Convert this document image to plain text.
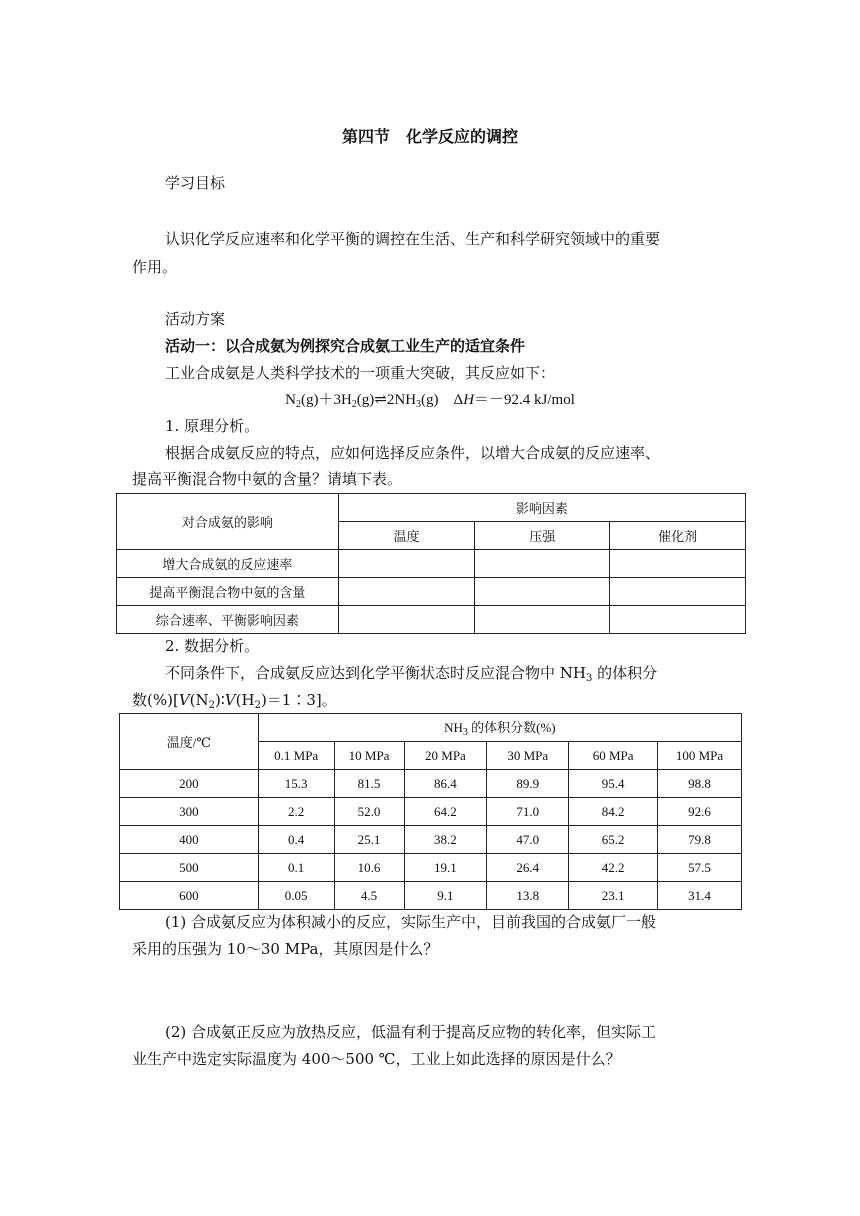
第四节　化学反应的调控
学习目标
认识化学反应速率和化学平衡的调控在生活、生产和科学研究领域中的重要
作用。
活动方案
活动一：以合成氨为例探究合成氨工业生产的适宜条件
工业合成氨是人类科学技术的一项重大突破，其反应如下：
$N_2(g)+3H_2(g)\rightleftharpoons 2NH_3(g)$　ΔH＝－92.4 kJ/mol
1. 原理分析。
根据合成氨反应的特点，应如何选择反应条件，以增大合成氨的反应速率、
提高平衡混合物中氨的含量？请填下表。
对合成氨的影响	影响因素		
	温度	压强	催化剂
增大合成氨的反应速率			
提高平衡混合物中氨的含量			
综合速率、平衡影响因素			
2. 数据分析。
不同条件下，合成氨反应达到化学平衡状态时反应混合物中 $NH_3$ 的体积分
数$(\%)[V(N_2)∶V(H_2)=1∶3]$。
温度/℃	$NH_3$ 的体积分数(%)					
	0.1 MPa	10 MPa	20 MPa	30 MPa	60 MPa	100 MPa
200	15.3	81.5	86.4	89.9	95.4	98.8
300	2.2	52.0	64.2	71.0	84.2	92.6
400	0.4	25.1	38.2	47.0	65.2	79.8
500	0.1	10.6	19.1	26.4	42.2	57.5
600	0.05	4.5	9.1	13.8	23.1	31.4
(1) 合成氨反应为体积减小的反应，实际生产中，目前我国的合成氨厂一般
采用的压强为 10～30 MPa，其原因是什么？
(2) 合成氨正反应为放热反应，低温有利于提高反应物的转化率，但实际工
业生产中选定实际温度为 400～500 ℃，工业上如此选择的原因是什么？
